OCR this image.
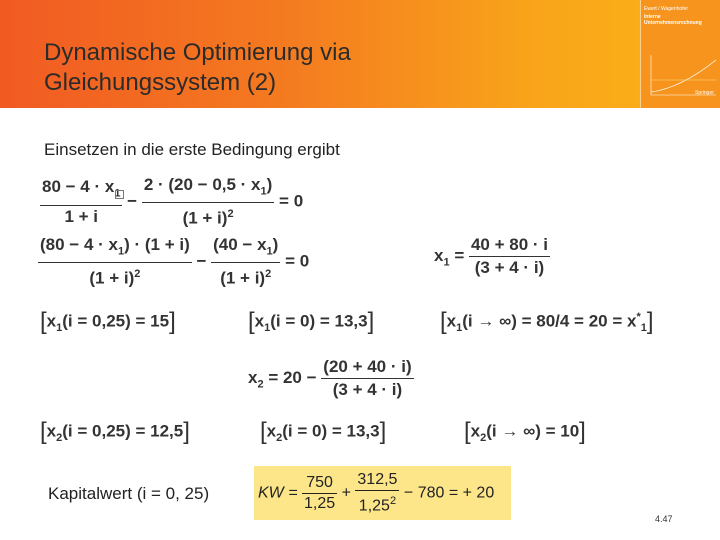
Dynamische Optimierung via
Gleichungssystem (2)
Ewert / Wagenhofer
Interne
Unternehmensrechnung
Springer
Einsetzen in die erste Bedingung ergibt
$\frac{80 - 4 \cdot x_1}{1 + i} - \frac{2 \cdot (20 - 0,5 \cdot x_1)}{(1 + i)^2} = 0$
$\frac{(80 - 4 \cdot x_1) \cdot (1 + i)}{(1 + i)^2} - \frac{(40 - x_1)}{(1 + i)^2} = 0$	$x_1 = \frac{40 + 80 \cdot i}{(3 + 4 \cdot i)}$
$[x_1(i = 0,25) = 15]$	$[x_1(i = 0) = 13,3]$	[$x_1(i$ → ∞) = $80/4 = 20 = x^*_1$]
$x_2 = 20 - \frac{(20 + 40 \cdot i)}{(3 + 4 \cdot i)}$
$[x_2(i = 0,25) = 12,5]$	$[x_2(i = 0) = 13,3]$	[$x_2(i$ → ∞) = 10]
Kapitalwert (i = 0, 25)	KW = $\frac{750}{1,25} + \frac{312,5}{1,25^2} - 780$ = + 20
4.47
